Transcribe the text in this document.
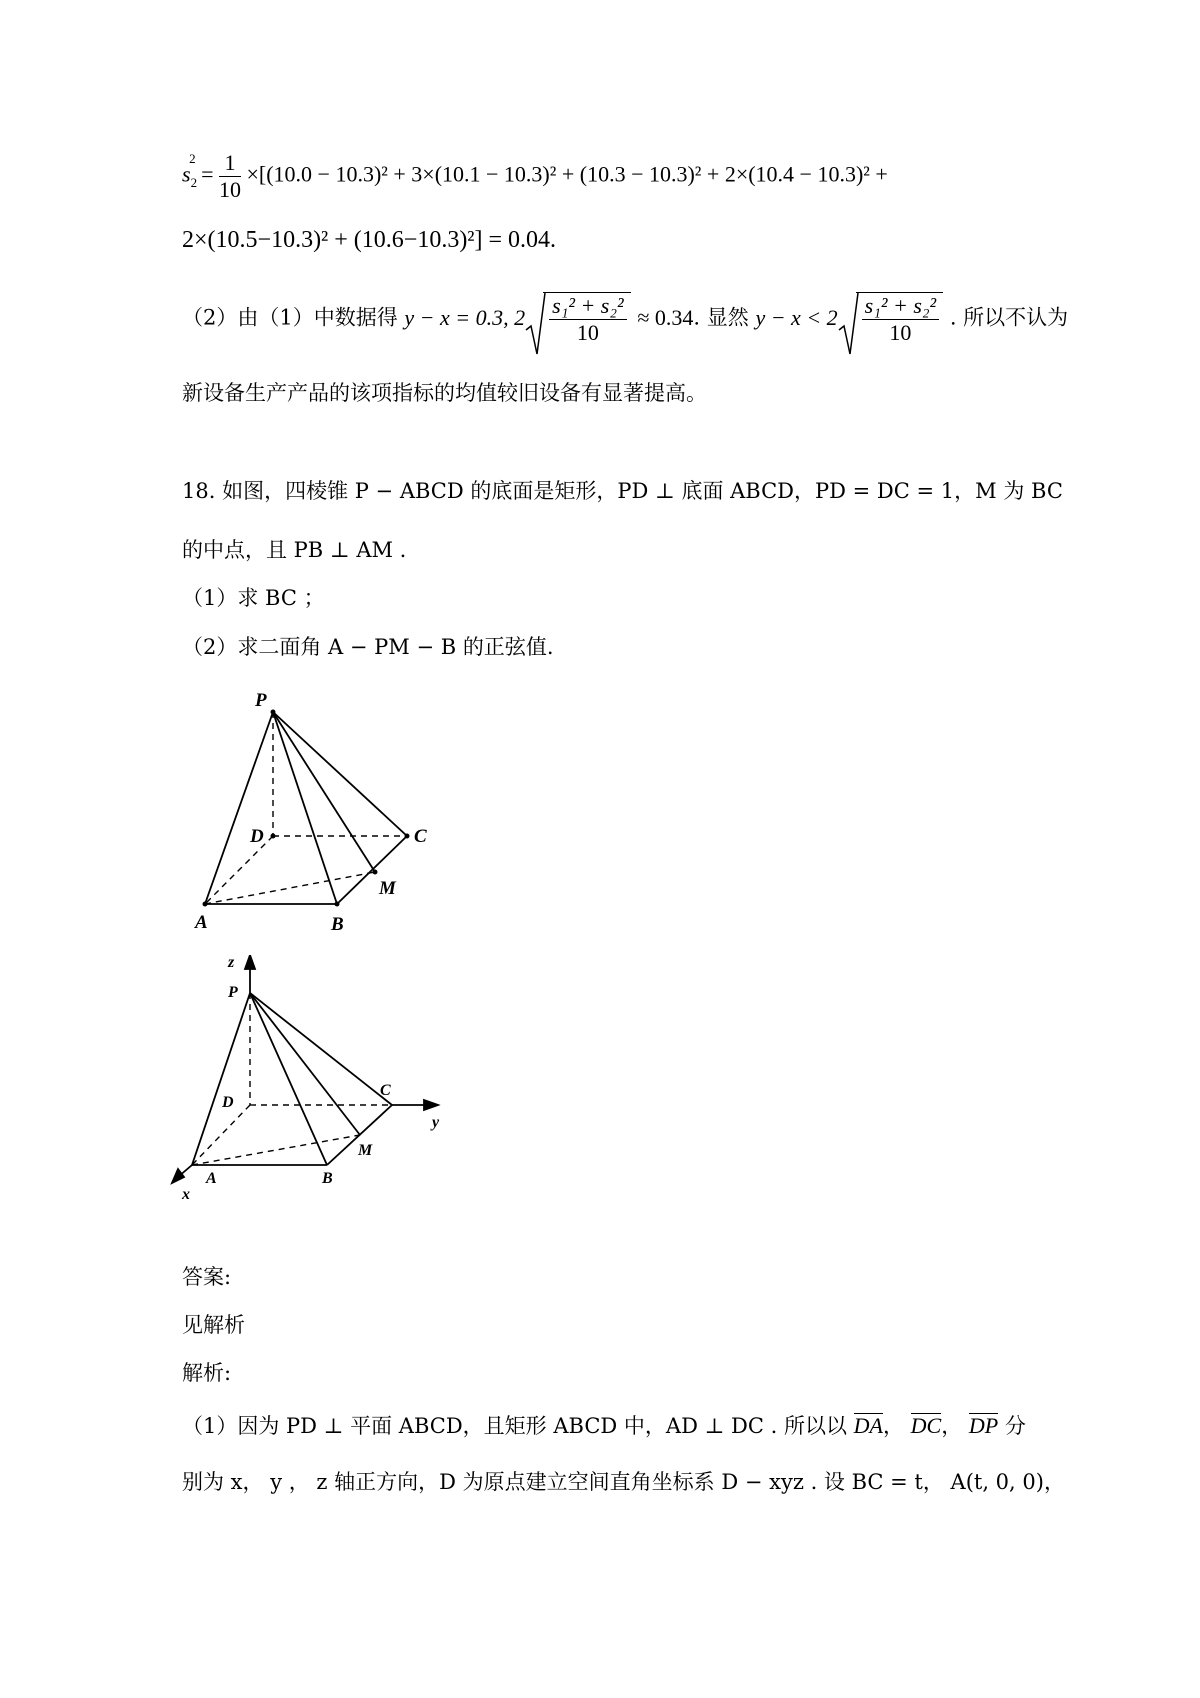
$s_2^2 = \frac{1}{10} \times[(10.0 - 10.3)^2 + 3\times(10.1 - 10.3)^2 + (10.3 - 10.3)^2 + 2\times(10.4 - 10.3)^2$ +
2×(10.5−10.3)² + (10.6−10.3)²] = 0.04.
（2）由（1）中数据得 y − x = 0.3, $2 \frac{\text{s₁² + s₂²}}{10} \approx 0.34$. 显然 $y - x < 2 \frac{\text{s₁² + s₂²}}{10}$ . 所以不认为
新设备生产产品的该项指标的均值较旧设备有显著提高。
18. 如图，四棱锥 P − ABCD 的底面是矩形，PD ⊥ 底面 ABCD，PD = DC = 1，M 为 BC
的中点，且 PB ⊥ AM .
（1）求 BC ；
（2）求二面角 A − PM − B 的正弦值.
P
D	C
M
A	B
z
P
D
C
y
M
A	B
x
答案:
见解析
解析:
（1）因为 PD ⊥ 平面 ABCD，且矩形 ABCD 中，AD ⊥ DC . 所以以 DA， DC， DP 分
别为 x， y ， z 轴正方向，D 为原点建立空间直角坐标系 D − xyz . 设 BC = t， A(t, 0, 0)，
